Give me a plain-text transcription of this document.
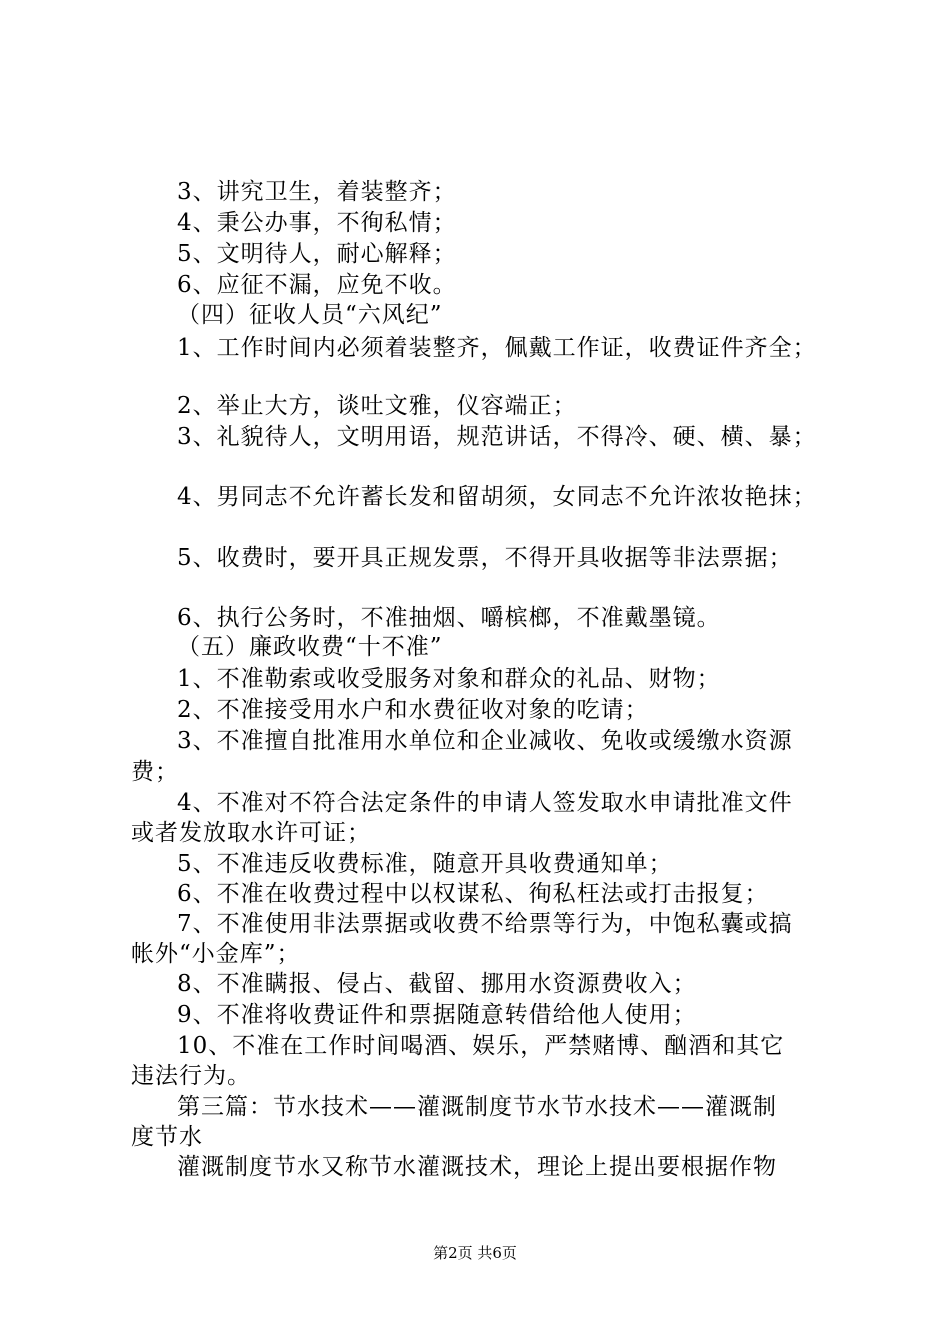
3、讲究卫生，着装整齐；
4、秉公办事，不徇私情；
5、文明待人，耐心解释；
6、应征不漏，应免不收。
（四）征收人员“六风纪”
1、工作时间内必须着装整齐，佩戴工作证，收费证件齐全；
2、举止大方，谈吐文雅，仪容端正；
3、礼貌待人，文明用语，规范讲话，不得冷、硬、横、暴；
4、男同志不允许蓄长发和留胡须，女同志不允许浓妆艳抹；
5、收费时，要开具正规发票，不得开具收据等非法票据；
6、执行公务时，不准抽烟、嚼槟榔，不准戴墨镜。
（五）廉政收费“十不准”
1、不准勒索或收受服务对象和群众的礼品、财物；
2、不准接受用水户和水费征收对象的吃请；
3、不准擅自批准用水单位和企业减收、免收或缓缴水资源
费；
4、不准对不符合法定条件的申请人签发取水申请批准文件
或者发放取水许可证；
5、不准违反收费标准，随意开具收费通知单；
6、不准在收费过程中以权谋私、徇私枉法或打击报复；
7、不准使用非法票据或收费不给票等行为，中饱私囊或搞
帐外“小金库”；
8、不准瞒报、侵占、截留、挪用水资源费收入；
9、不准将收费证件和票据随意转借给他人使用；
10、不准在工作时间喝酒、娱乐，严禁赌博、酗酒和其它
违法行为。
第三篇：节水技术——灌溉制度节水节水技术——灌溉制
度节水
灌溉制度节水又称节水灌溉技术，理论上提出要根据作物
第2页 共6页
